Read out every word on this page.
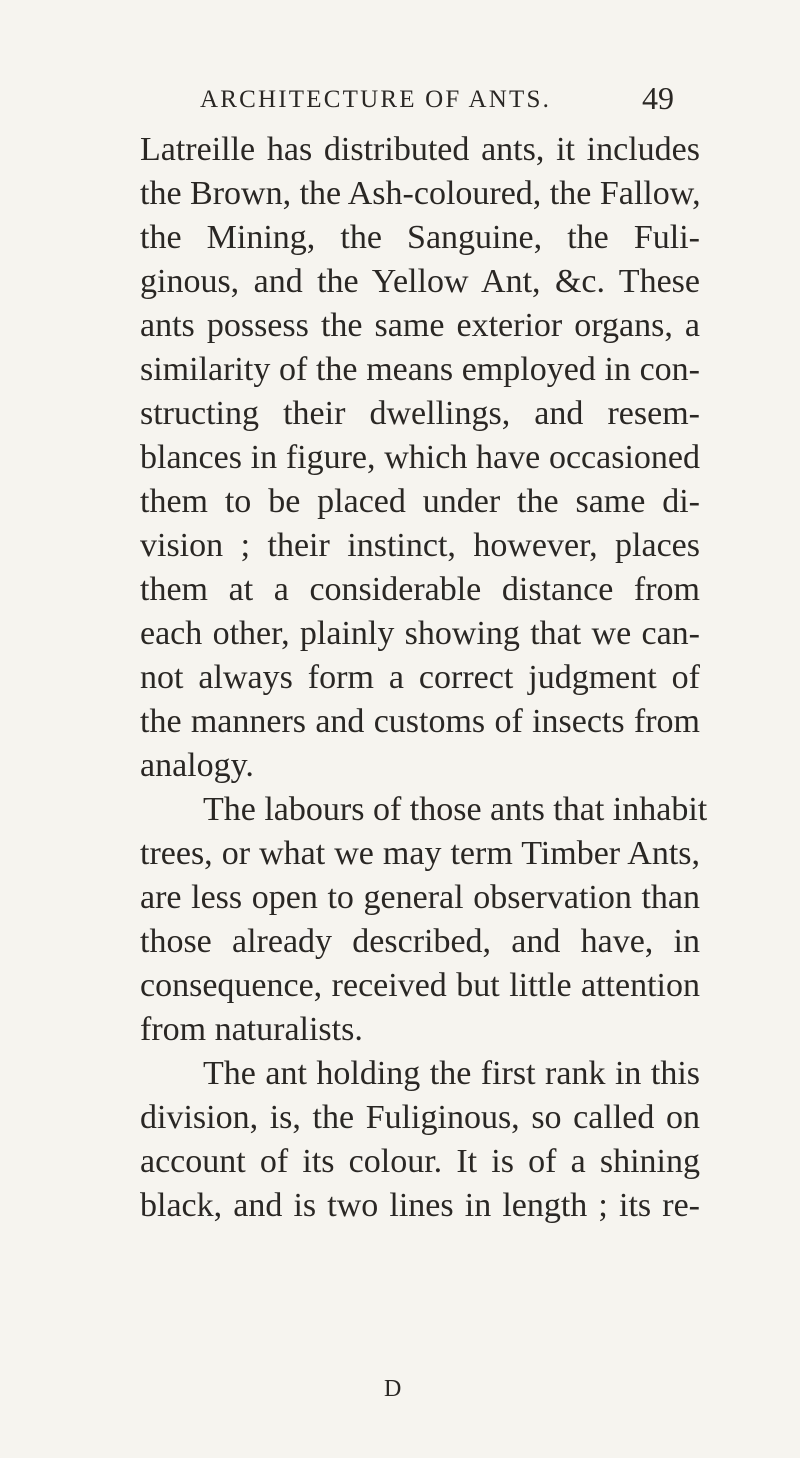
ARCHITECTURE OF ANTS.	49
Latreille has distributed ants, it includes
the Brown, the Ash-coloured, the Fallow,
the Mining, the Sanguine, the Fuli-
ginous, and the Yellow Ant, &c. These
ants possess the same exterior organs, a
similarity of the means employed in con-
structing their dwellings, and resem-
blances in figure, which have occasioned
them to be placed under the same di-
vision ; their instinct, however, places
them at a considerable distance from
each other, plainly showing that we can-
not always form a correct judgment of
the manners and customs of insects from
analogy.
The labours of those ants that inhabit
trees, or what we may term Timber Ants,
are less open to general observation than
those already described, and have, in
consequence, received but little attention
from naturalists.
The ant holding the first rank in this
division, is, the Fuliginous, so called on
account of its colour. It is of a shining
black, and is two lines in length ; its re-
D
